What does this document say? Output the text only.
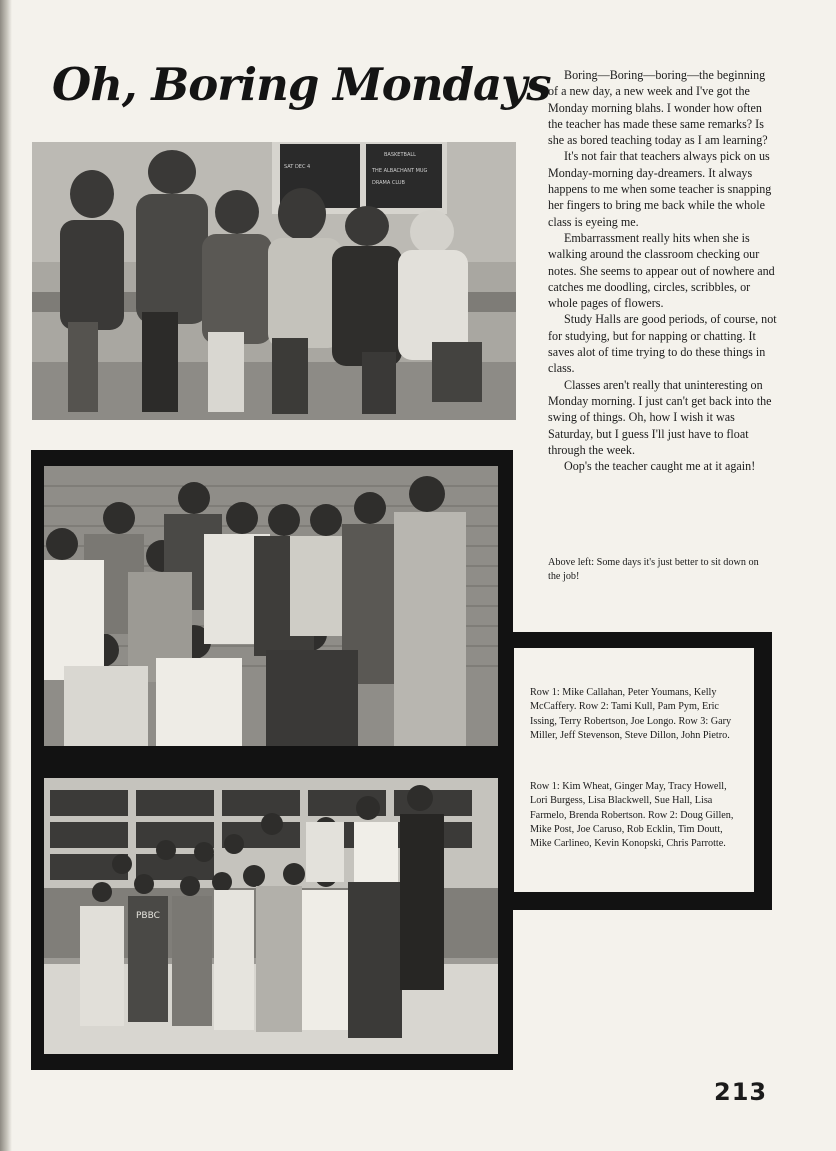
Oh, Boring Mondays
BASKETBALL
SAT DEC 4
THE ALBACHANT MUG
DRAMA CLUB

Boring—Boring—boring—the beginning of a new day, a new week and I've got the Monday morning blahs. I wonder how often the teacher has made these same remarks? Is she as bored teaching today as I am learning?

It's not fair that teachers always pick on us Monday-morning day-dreamers. It always happens to me when some teacher is snapping her fingers to bring me back while the whole class is eyeing me.

Embarrassment really hits when she is walking around the classroom checking our notes. She seems to appear out of nowhere and catches me doodling, circles, scribbles, or whole pages of flowers.

Study Halls are good periods, of course, not for studying, but for napping or chatting. It saves alot of time trying to do these things in class.

Classes aren't really that uninteresting on Monday morning. I just can't get back into the swing of things. Oh, how I wish it was Saturday, but I guess I'll just have to float through the week.

Oop's the teacher caught me at it again!

Above left: Some days it's just better to sit down on the job!
Row 1: Mike Callahan, Peter Youmans, Kelly McCaffery. Row 2: Tami Kull, Pam Pym, Eric Issing, Terry Robertson, Joe Longo. Row 3: Gary Miller, Jeff Stevenson, Steve Dillon, John Pietro.
Row 1: Kim Wheat, Ginger May, Tracy Howell, Lori Burgess, Lisa Blackwell, Sue Hall, Lisa Farmelo, Brenda Robertson. Row 2: Doug Gillen, Mike Post, Joe Caruso, Rob Ecklin, Tim Doutt, Mike Carlineo, Kevin Konopski, Chris Parrotte.
PBBC
213
